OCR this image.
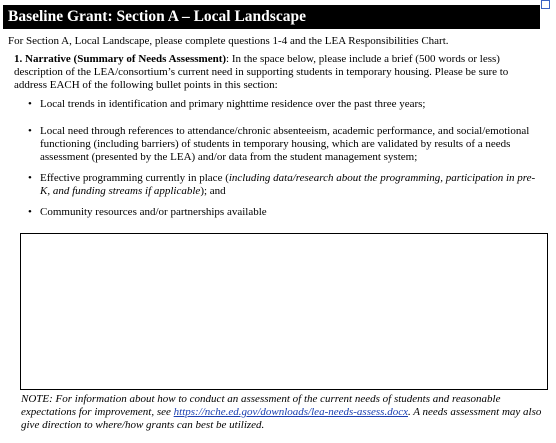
Baseline Grant: Section A – Local Landscape
For Section A, Local Landscape, please complete questions 1-4 and the LEA Responsibilities Chart.
1. Narrative (Summary of Needs Assessment): In the space below, please include a brief (500 words or less) description of the LEA/consortium’s current need in supporting students in temporary housing. Please be sure to address EACH of the following bullet points in this section:
• Local trends in identification and primary nighttime residence over the past three years;
• Local need through references to attendance/chronic absenteeism, academic performance, and social/emotional functioning (including barriers) of students in temporary housing, which are validated by results of a needs assessment (presented by the LEA) and/or data from the student management system;
• Effective programming currently in place (including data/research about the programming, participation in pre-K, and funding streams if applicable); and
• Community resources and/or partnerships available
NOTE: For information about how to conduct an assessment of the current needs of students and reasonable expectations for improvement, see https://nche.ed.gov/downloads/lea-needs-assess.docx. A needs assessment may also give direction to where/how grants can best be utilized.
